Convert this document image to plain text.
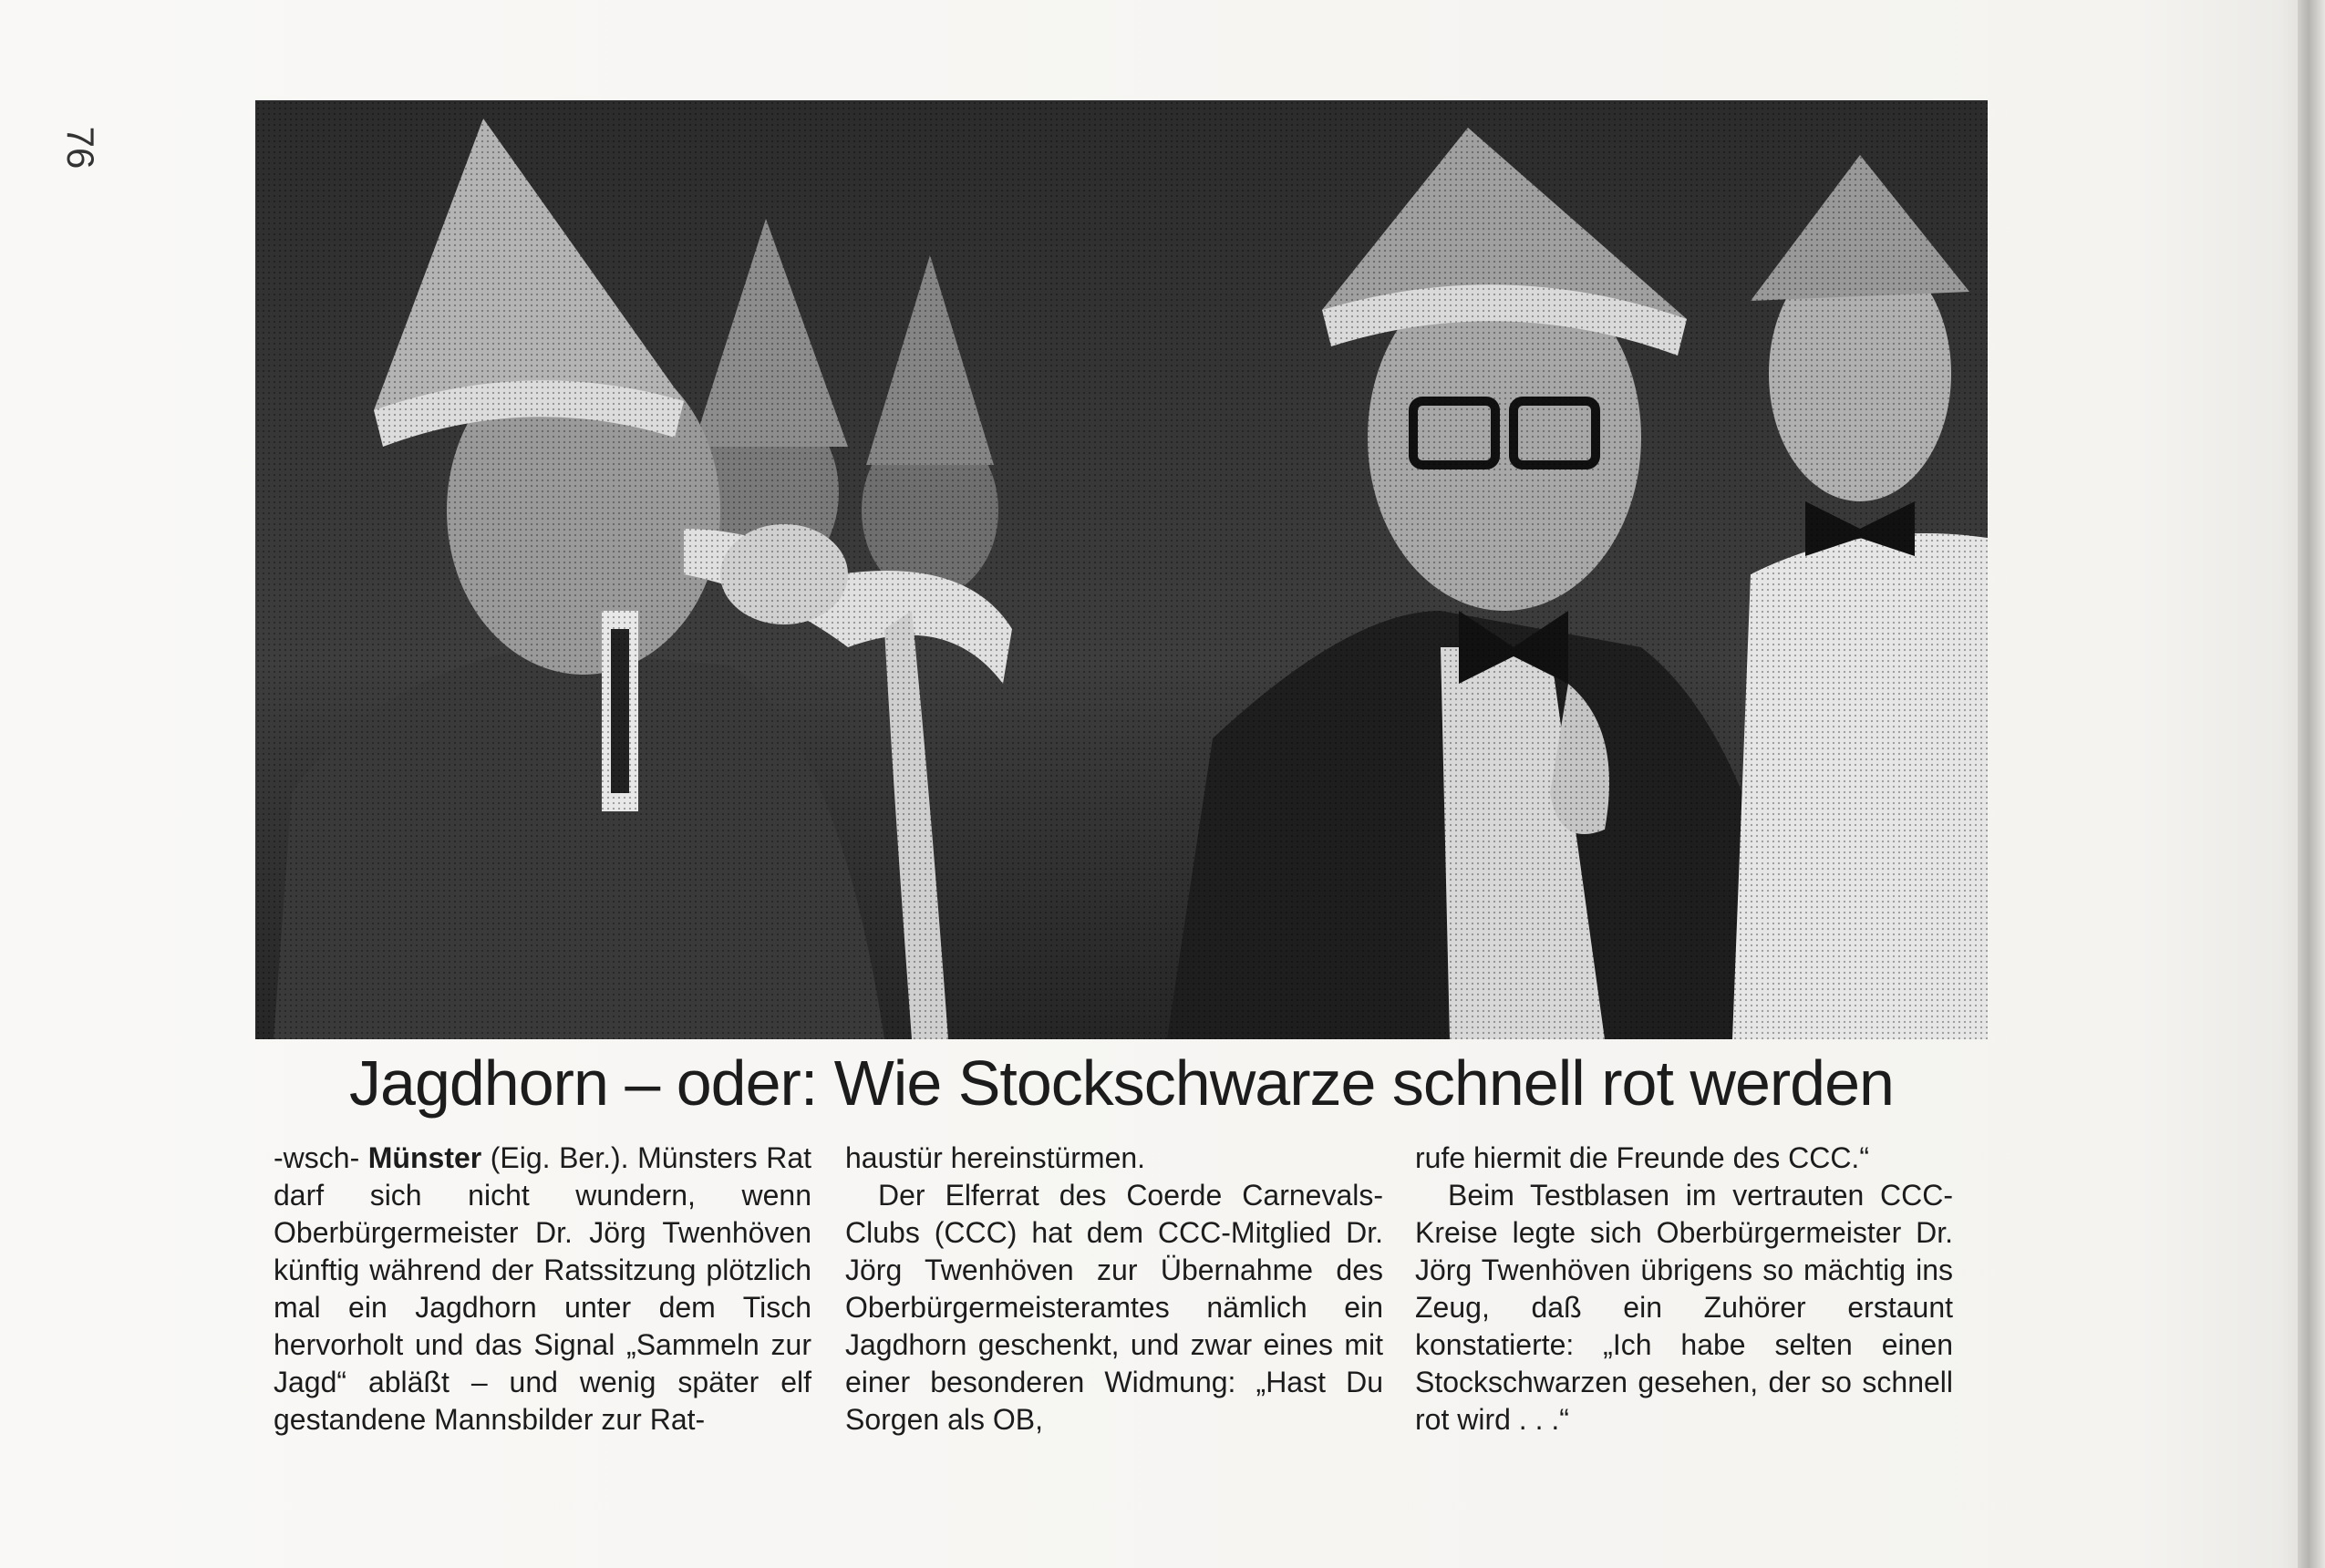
76
Jagdhorn – oder: Wie Stockschwarze schnell rot werden

-wsch- Münster (Eig. Ber.). Münsters Rat darf sich nicht wundern, wenn Oberbürgermeister Dr. Jörg Twenhöven künftig während der Ratssitzung plötzlich mal ein Jagdhorn unter dem Tisch hervorholt und das Signal „Sammeln zur Jagd“ abläßt – und wenig später elf gestandene Mannsbilder zur Rat-

haustür hereinstürmen.

Der Elferrat des Coerde Carnevals-Clubs (CCC) hat dem CCC-Mitglied Dr. Jörg Twenhöven zur Übernahme des Oberbürgermeisteramtes nämlich ein Jagdhorn geschenkt, und zwar eines mit einer besonderen Widmung: „Hast Du Sorgen als OB,

rufe hiermit die Freunde des CCC.“

Beim Testblasen im vertrauten CCC-Kreise legte sich Oberbürgermeister Dr. Jörg Twenhöven übrigens so mächtig ins Zeug, daß ein Zuhörer erstaunt konstatierte: „Ich habe selten einen Stockschwarzen gesehen, der so schnell rot wird . . .“
